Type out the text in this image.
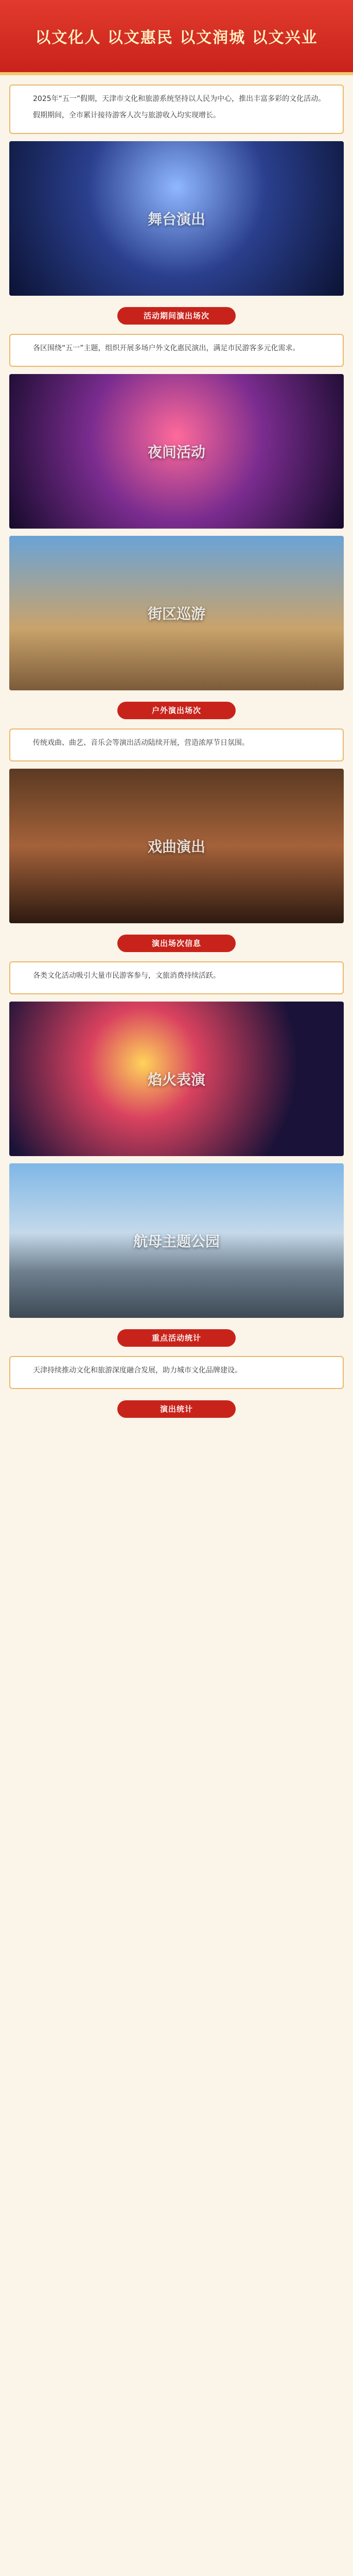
以文化人 以文惠民 以文润城 以文兴业

2025年“五一”假期，天津市文化和旅游系统坚持以人民为中心，推出丰富多彩的文化活动。

假期期间，全市累计接待游客人次与旅游收入均实现增长。

舞台演出
活动期间演出场次

各区围绕“五一”主题，组织开展多场户外文化惠民演出，满足市民游客多元化需求。

夜间活动
街区巡游
户外演出场次

传统戏曲、曲艺、音乐会等演出活动陆续开展，营造浓厚节日氛围。

戏曲演出
演出场次信息

各类文化活动吸引大量市民游客参与，文旅消费持续活跃。

焰火表演
航母主题公园
重点活动统计

天津持续推动文化和旅游深度融合发展，助力城市文化品牌建设。

演出统计
